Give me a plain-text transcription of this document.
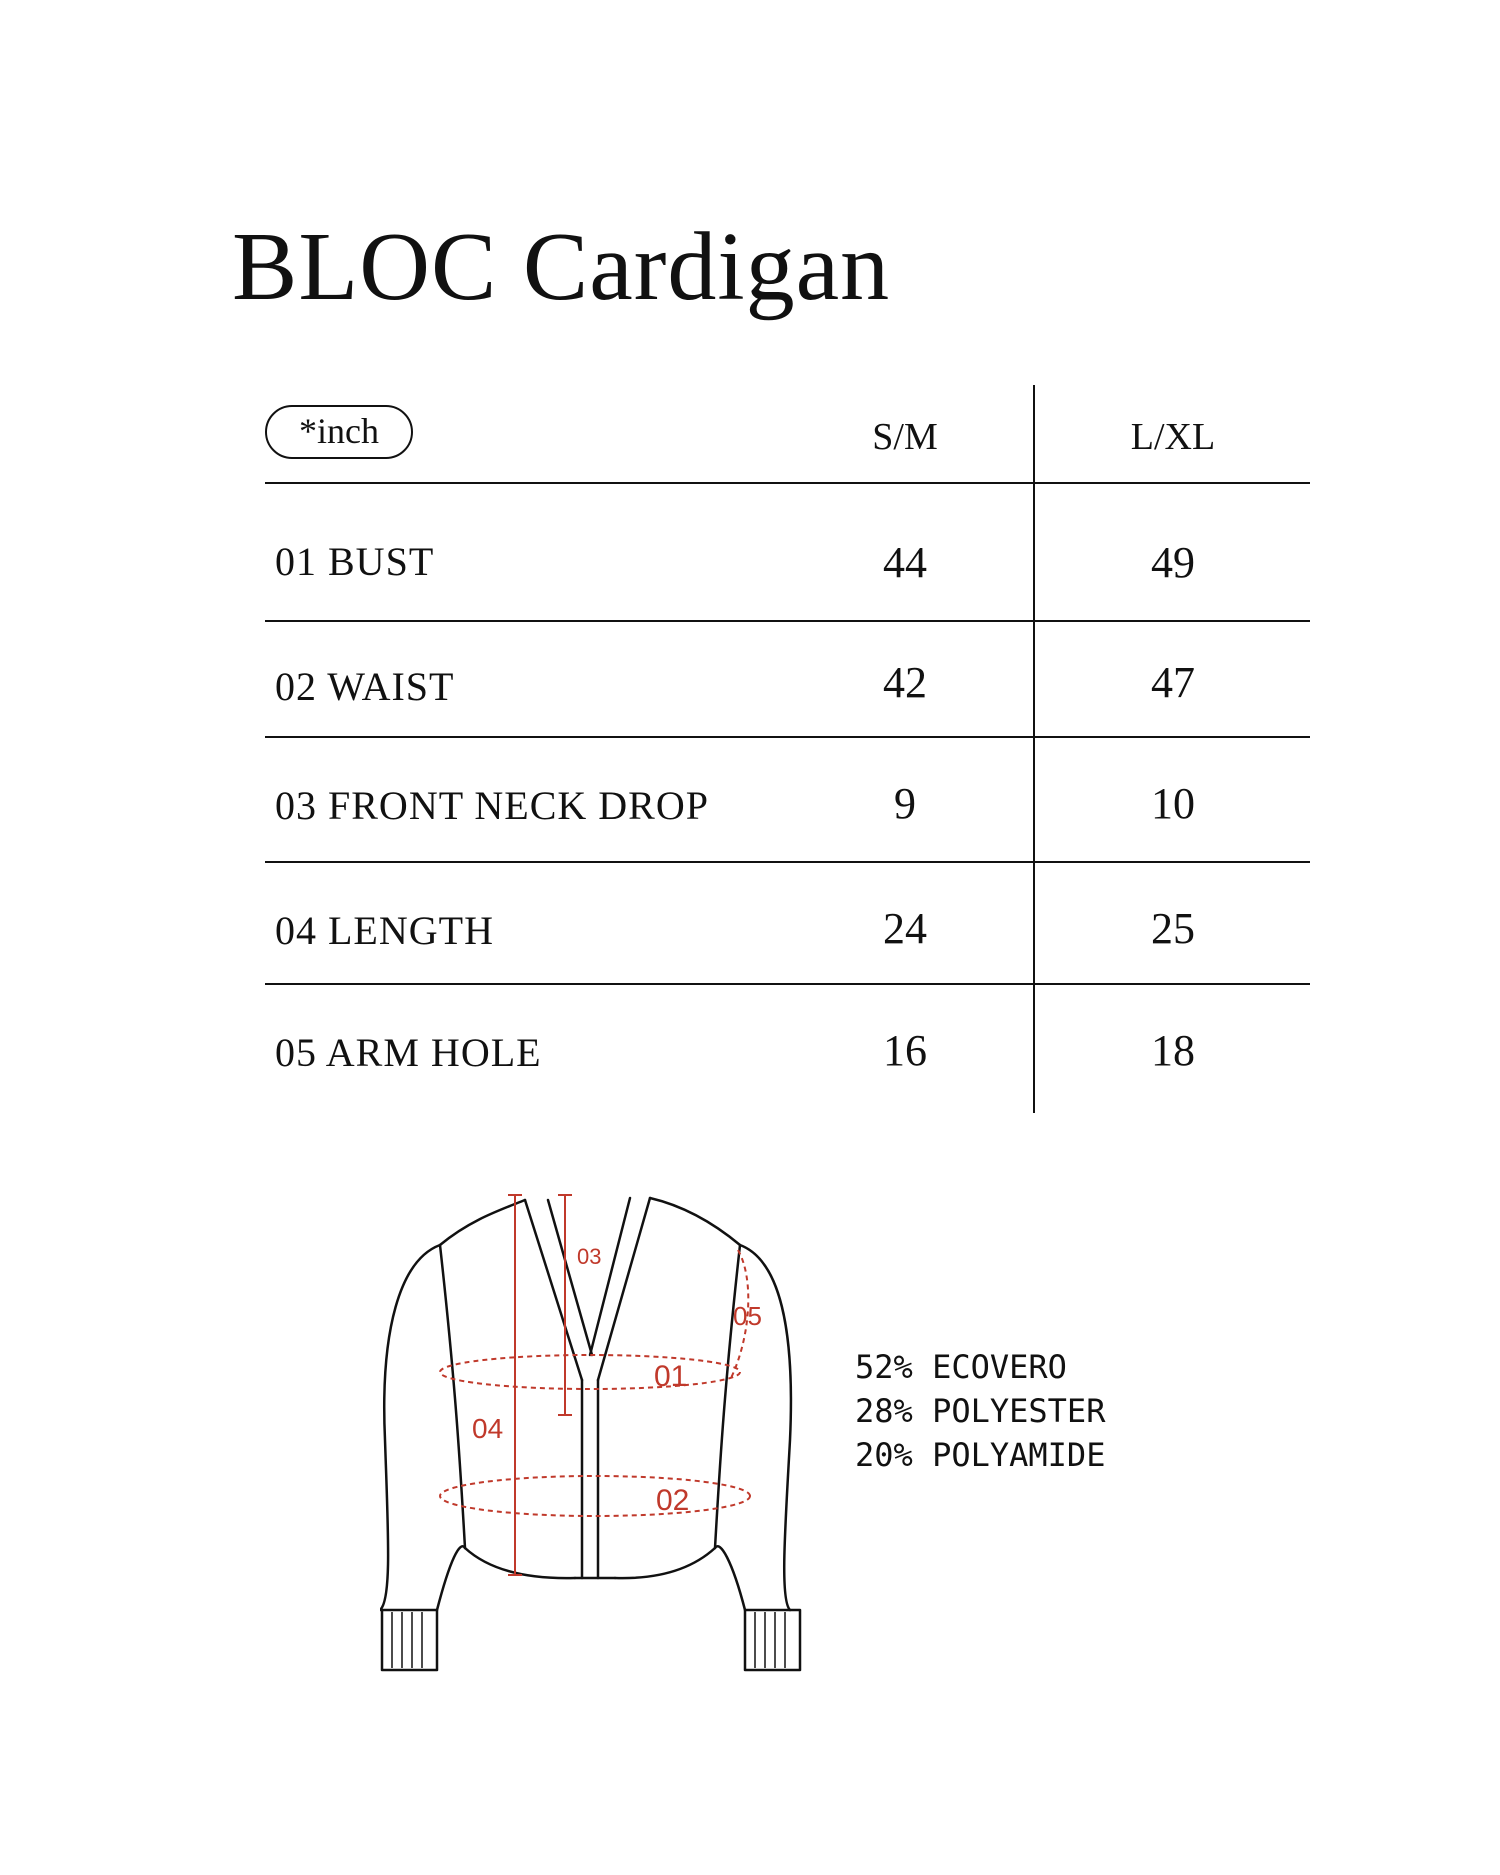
BLOC Cardigan
*inch	S/M	L/XL
01 BUST	44	49
02 WAIST	42	47
03 FRONT NECK DROP	9	10
04 LENGTH	24	25
05 ARM HOLE	16	18
01
02
03
04
05
52% ECOVERO
28% POLYESTER
20% POLYAMIDE
